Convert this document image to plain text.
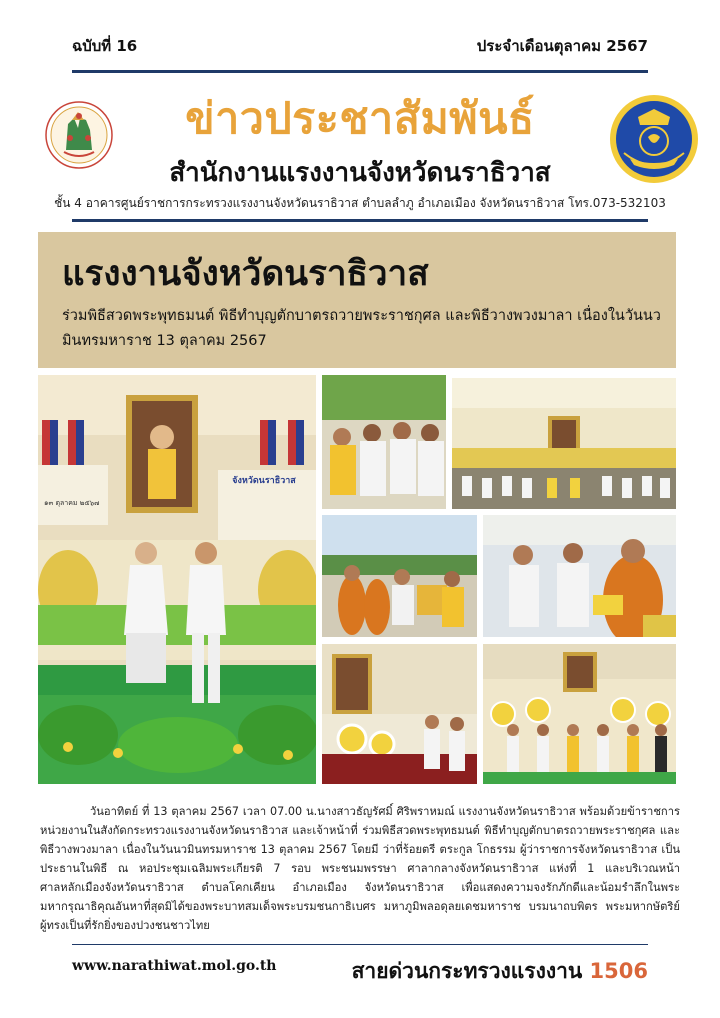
ฉบับที่ 16	ประจำเดือนตุลาคม 2567
ข่าวประชาสัมพันธ์
สำนักงานแรงงานจังหวัดนราธิวาส
ชั้น 4 อาคารศูนย์ราชการกระทรวงแรงงานจังหวัดนราธิวาส ตำบลลำภู อำเภอเมือง จังหวัดนราธิวาส โทร.073-532103
แรงงานจังหวัดนราธิวาส
ร่วมพิธีสวดพระพุทธมนต์ พิธีทำบุญตักบาตรถวายพระราชกุศล และพิธีวางพวงมาลา เนื่องในวันนวมินทรมหาราช 13 ตุลาคม 2567
จังหวัดนราธิวาส
๑๓ ตุลาคม ๒๕๖๗
วันอาทิตย์ ที่ 13 ตุลาคม 2567 เวลา 07.00 น.นางสาวธัญรัศมิ์ ศิริพราหมณ์ แรงงานจังหวัดนราธิวาส พร้อมด้วยข้าราชการหน่วยงานในสังกัดกระทรวงแรงงานจังหวัดนราธิวาส และเจ้าหน้าที่ ร่วมพิธีสวดพระพุทธมนต์ พิธีทำบุญตักบาตรถวายพระราชกุศล และพิธีวางพวงมาลา เนื่องในวันนวมินทรมหาราช 13 ตุลาคม 2567 โดยมี ว่าที่ร้อยตรี ตระกูล โกธรรม ผู้ว่าราชการจังหวัดนราธิวาส เป็นประธานในพิธี ณ หอประชุมเฉลิมพระเกียรติ 7 รอบ พระชนมพรรษา ศาลากลางจังหวัดนราธิวาส แห่งที่ 1 และบริเวณหน้าศาลหลักเมืองจังหวัดนราธิวาส ตำบลโคกเคียน อำเภอเมือง จังหวัดนราธิวาส เพื่อแสดงความจงรักภักดีและน้อมรำลึกในพระมหากรุณาธิคุณอันหาที่สุดมิได้ของพระบาทสมเด็จพระบรมชนกาธิเบศร มหาภูมิพลอดุลยเดชมหาราช บรมนาถบพิตร พระมหากษัตริย์ผู้ทรงเป็นที่รักยิ่งของปวงชนชาวไทย
www.narathiwat.mol.go.th	สายด่วนกระทรวงแรงงาน 1506
